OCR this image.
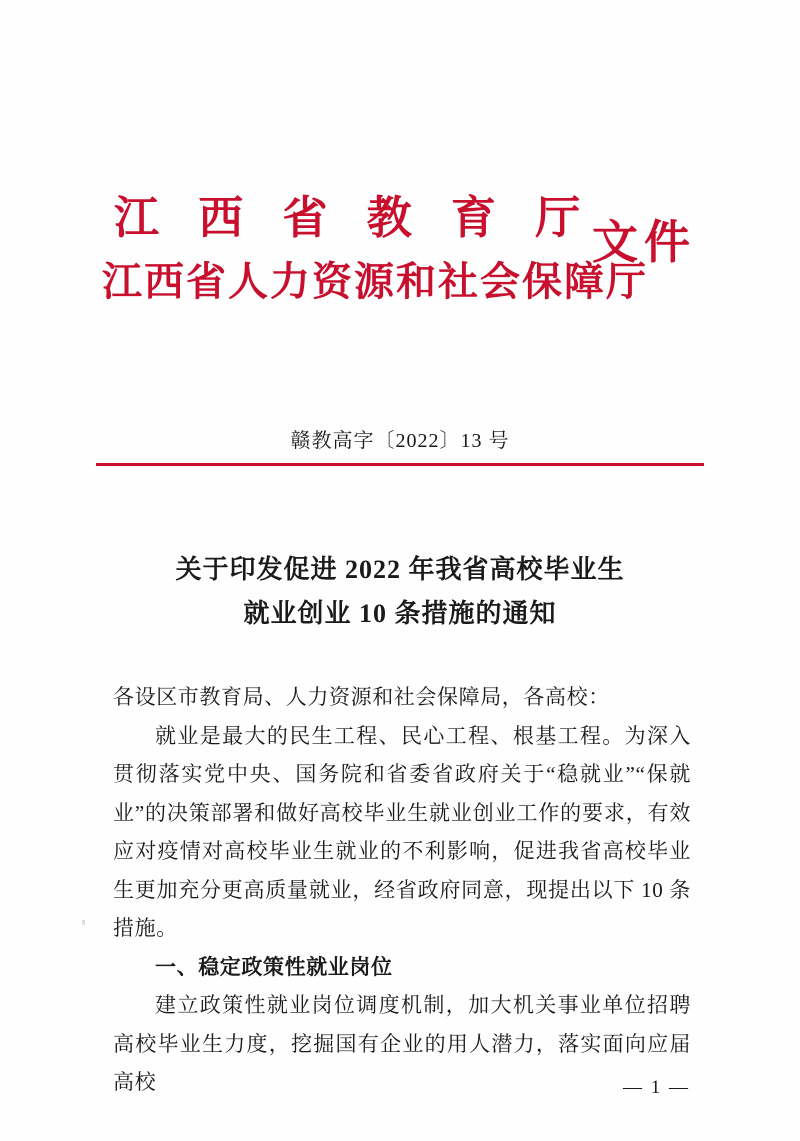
江 西 省 教 育 厅
江西省人力资源和社会保障厅
文件
赣教高字〔2022〕13 号
关于印发促进 2022 年我省高校毕业生
就业创业 10 条措施的通知

各设区市教育局、人力资源和社会保障局，各高校：

就业是最大的民生工程、民心工程、根基工程。为深入贯彻落实党中央、国务院和省委省政府关于“稳就业”“保就业”的决策部署和做好高校毕业生就业创业工作的要求，有效应对疫情对高校毕业生就业的不利影响，促进我省高校毕业生更加充分更高质量就业，经省政府同意，现提出以下 10 条措施。

一、稳定政策性就业岗位

建立政策性就业岗位调度机制，加大机关事业单位招聘高校毕业生力度，挖掘国有企业的用人潜力，落实面向应届高校	— 1 —
